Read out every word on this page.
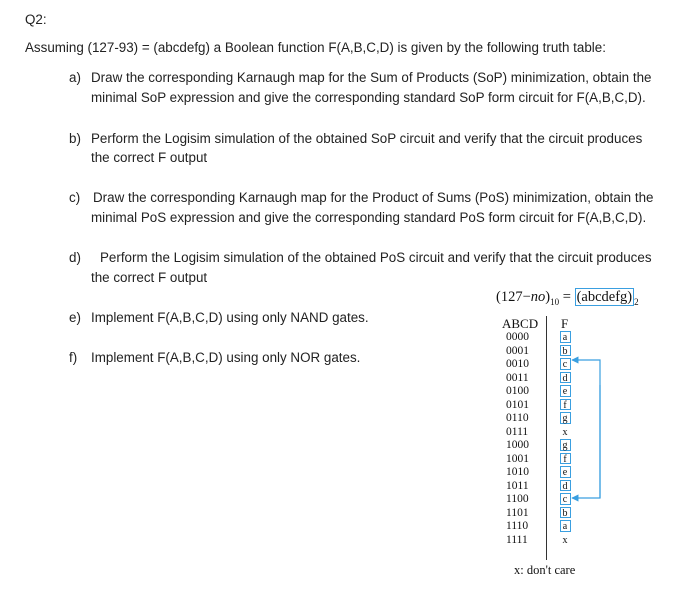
Q2:
Assuming (127-93) = (abcdefg) a Boolean function F(A,B,C,D) is given by the following truth table:
a) Draw the corresponding Karnaugh map for the Sum of Products (SoP) minimization, obtain the
minimal SoP expression and give the corresponding standard SoP form circuit for F(A,B,C,D).
b) Perform the Logisim simulation of the obtained SoP circuit and verify that the circuit produces
the correct F output
c) Draw the corresponding Karnaugh map for the Product of Sums (PoS) minimization, obtain the
minimal PoS expression and give the corresponding standard PoS form circuit for F(A,B,C,D).
d) Perform the Logisim simulation of the obtained PoS circuit and verify that the circuit produces
the correct F output
e) Implement F(A,B,C,D) using only NAND gates.
f) Implement F(A,B,C,D) using only NOR gates.
$(127-no)_{10}$ = (abcdefg) $_2$
ABCD F
0000
0001
0010
0011
0100
0101
0110
0111
1000
1001
1010
1011
1100
1101
1110
1111
a
b
c
d
e
f
g
x
g
f
e
d
c
b
a
x
x: don't care
